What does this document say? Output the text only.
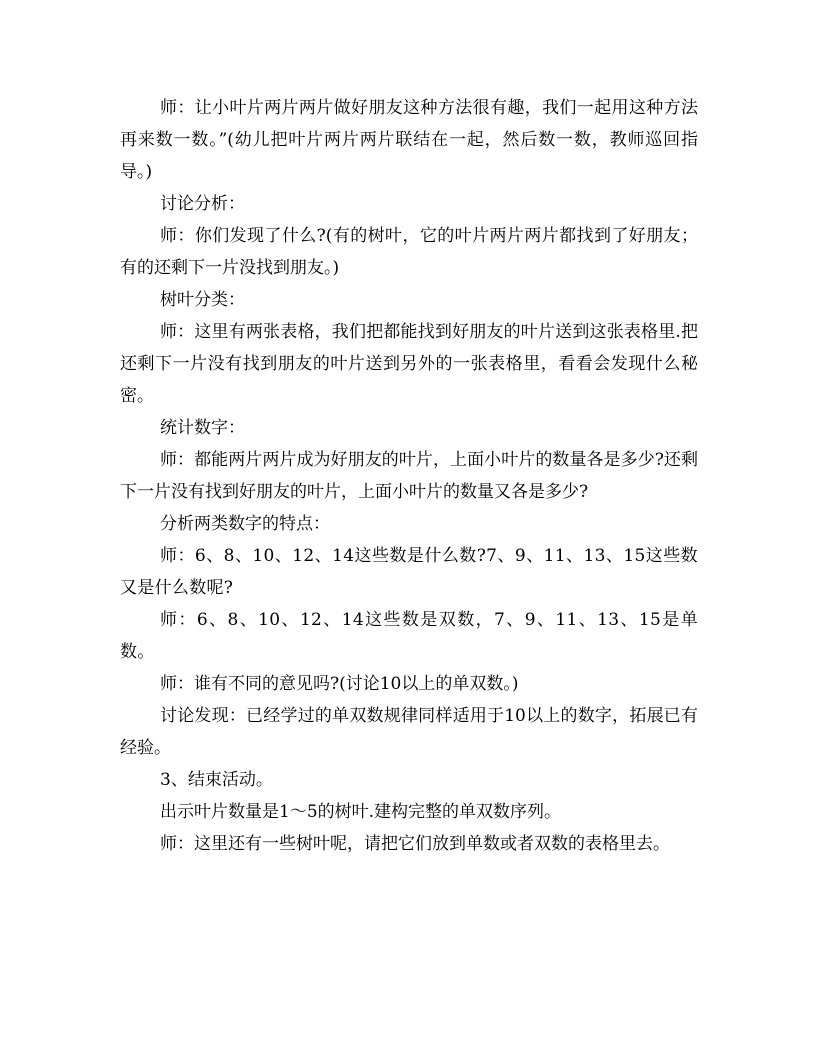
师：让小叶片两片两片做好朋友这种方法很有趣，我们一起用这种方法再来数一数。”(幼儿把叶片两片两片联结在一起，然后数一数，教师巡回指导。)

讨论分析：

师：你们发现了什么?(有的树叶，它的叶片两片两片都找到了好朋友；有的还剩下一片没找到朋友。)

树叶分类：

师：这里有两张表格，我们把都能找到好朋友的叶片送到这张表格里.把还剩下一片没有找到朋友的叶片送到另外的一张表格里，看看会发现什么秘密。

统计数字：

师：都能两片两片成为好朋友的叶片，上面小叶片的数量各是多少?还剩下一片没有找到好朋友的叶片，上面小叶片的数量又各是多少?

分析两类数字的特点：

师：6、8、10、12、14这些数是什么数?7、9、11、13、15这些数又是什么数呢?

师：6、8、10、12、14这些数是双数，7、9、11、13、15是单数。

师：谁有不同的意见吗?(讨论10以上的单双数。)

讨论发现：已经学过的单双数规律同样适用于10以上的数字，拓展已有经验。

3、结束活动。

出示叶片数量是1～5的树叶.建构完整的单双数序列。

师：这里还有一些树叶呢，请把它们放到单数或者双数的表格里去。
